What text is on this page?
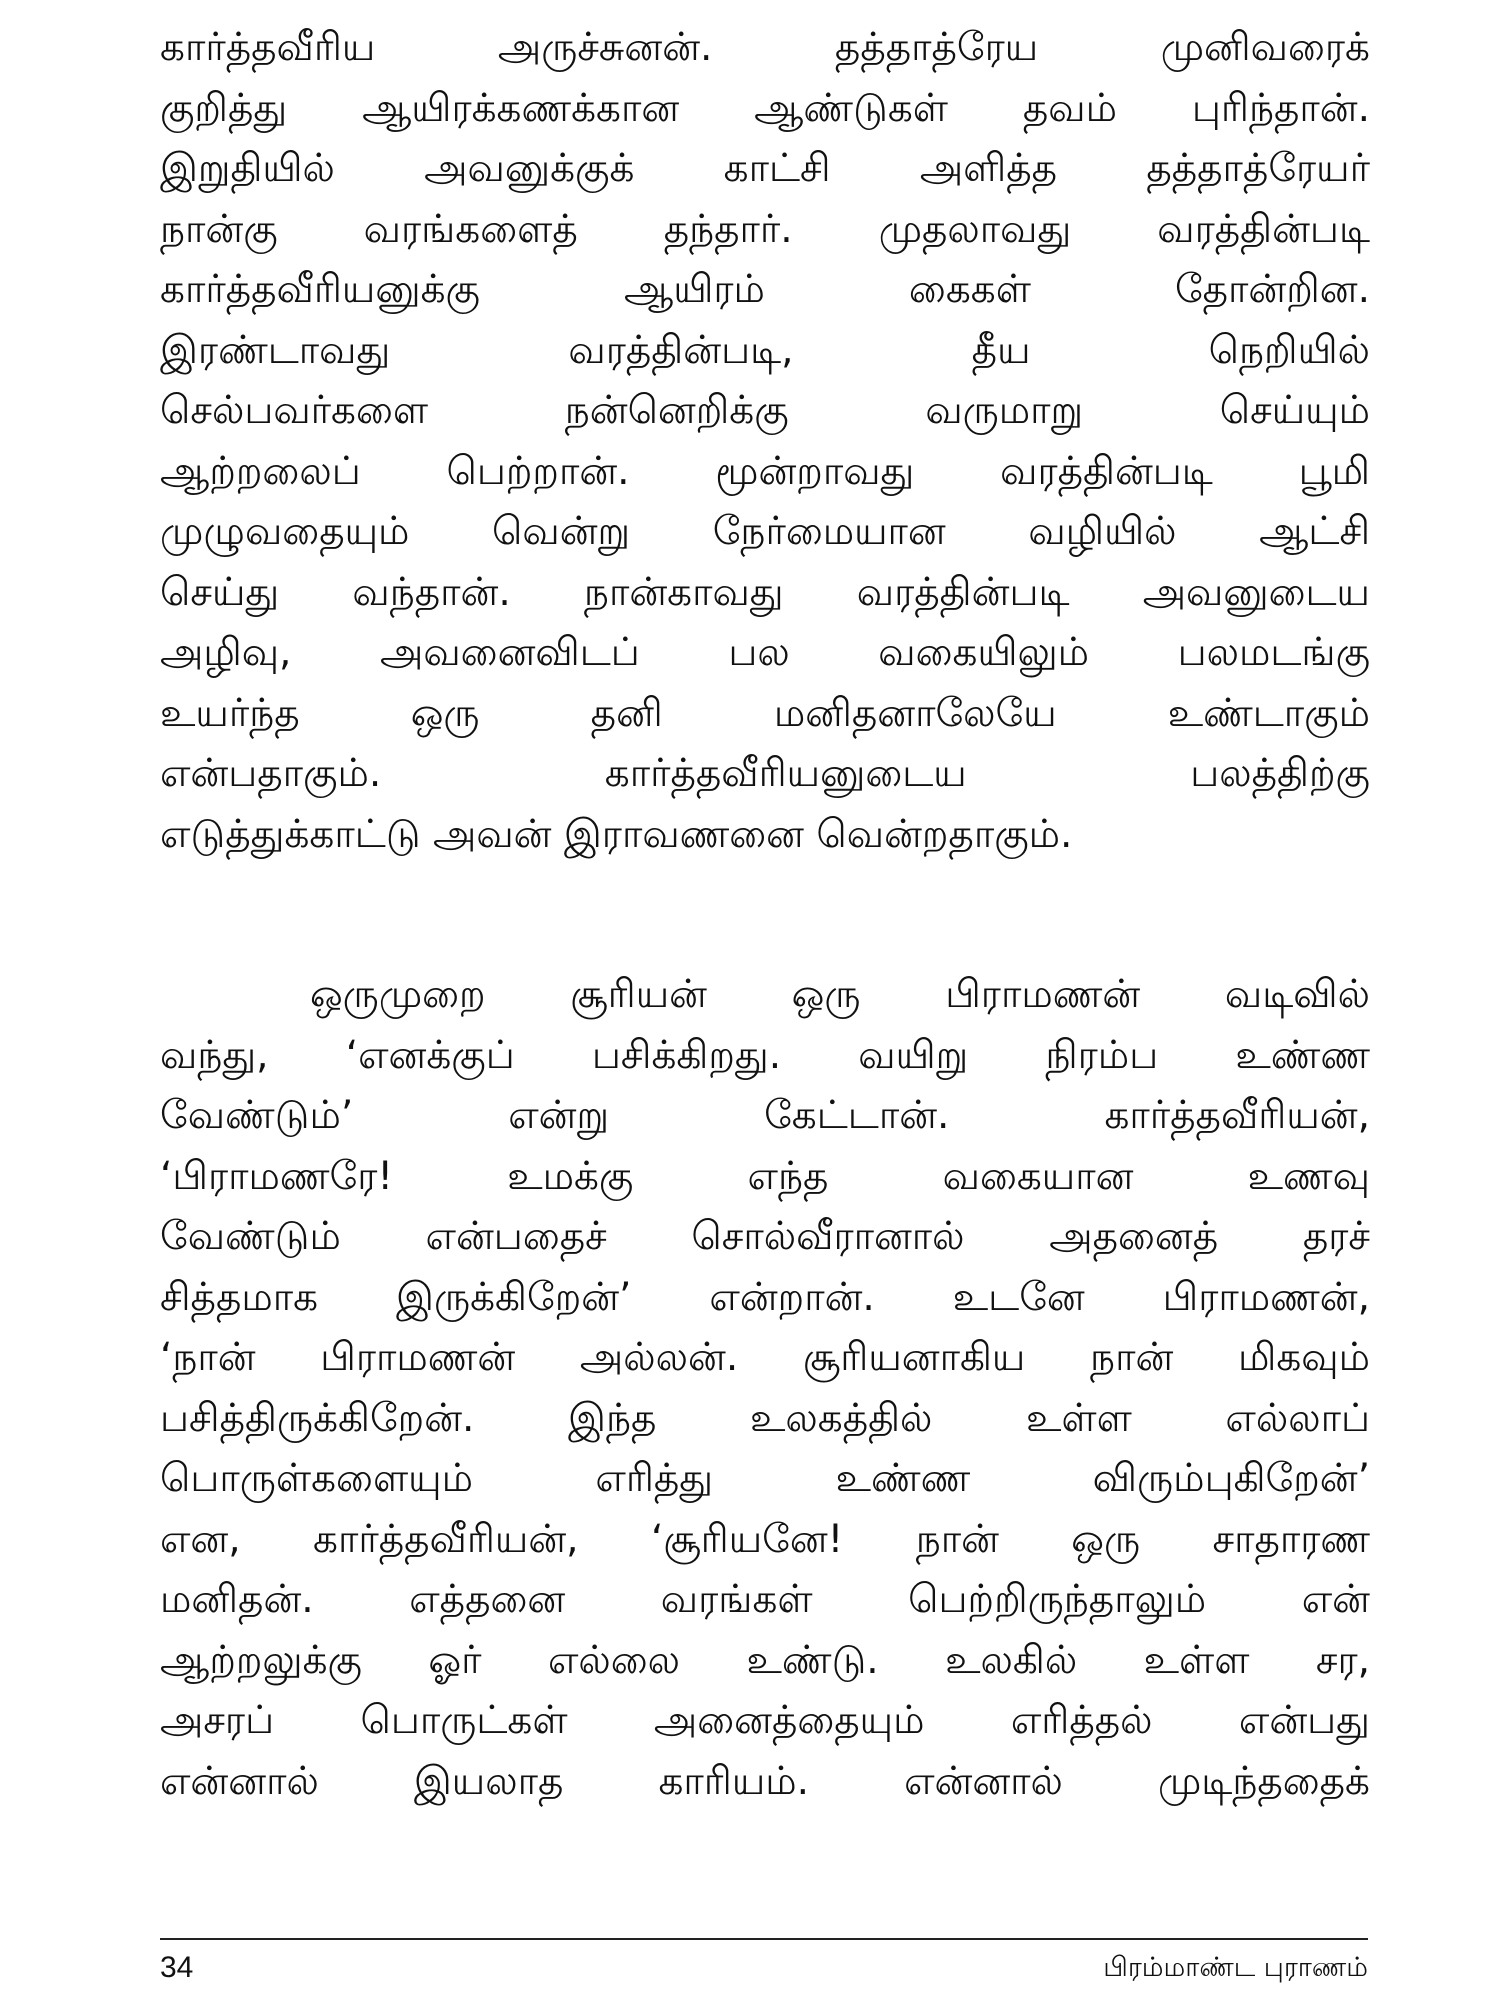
கார்த்தவீரிய அருச்சுனன். தத்தாத்ரேய முனிவரைக்
குறித்து ஆயிரக்கணக்கான ஆண்டுகள் தவம் புரிந்தான்.
இறுதியில் அவனுக்குக் காட்சி அளித்த தத்தாத்ரேயர்
நான்கு வரங்களைத் தந்தார். முதலாவது வரத்தின்படி
கார்த்தவீரியனுக்கு ஆயிரம் கைகள் தோன்றின.
இரண்டாவது வரத்தின்படி, தீய நெறியில்
செல்பவர்களை நன்னெறிக்கு வருமாறு செய்யும்
ஆற்றலைப் பெற்றான். மூன்றாவது வரத்தின்படி பூமி
முழுவதையும் வென்று நேர்மையான வழியில் ஆட்சி
செய்து வந்தான். நான்காவது வரத்தின்படி அவனுடைய
அழிவு, அவனைவிடப் பல வகையிலும் பலமடங்கு
உயர்ந்த ஒரு தனி மனிதனாலேயே உண்டாகும்
என்பதாகும். கார்த்தவீரியனுடைய பலத்திற்கு
எடுத்துக்காட்டு அவன் இராவணனை வென்றதாகும்.
ஒருமுறை சூரியன் ஒரு பிராமணன் வடிவில்
வந்து, ‘எனக்குப் பசிக்கிறது. வயிறு நிரம்ப உண்ண
வேண்டும்’ என்று கேட்டான். கார்த்தவீரியன்,
‘பிராமணரே! உமக்கு எந்த வகையான உணவு
வேண்டும் என்பதைச் சொல்வீரானால் அதனைத் தரச்
சித்தமாக இருக்கிறேன்’ என்றான். உடனே பிராமணன்,
‘நான் பிராமணன் அல்லன். சூரியனாகிய நான் மிகவும்
பசித்திருக்கிறேன். இந்த உலகத்தில் உள்ள எல்லாப்
பொருள்களையும் எரித்து உண்ண விரும்புகிறேன்’
என, கார்த்தவீரியன், ‘சூரியனே! நான் ஒரு சாதாரண
மனிதன். எத்தனை வரங்கள் பெற்றிருந்தாலும் என்
ஆற்றலுக்கு ஓர் எல்லை உண்டு. உலகில் உள்ள சர,
அசரப் பொருட்கள் அனைத்தையும் எரித்தல் என்பது
என்னால் இயலாத காரியம். என்னால் முடிந்ததைக்
34	பிரம்மாண்ட புராணம்
